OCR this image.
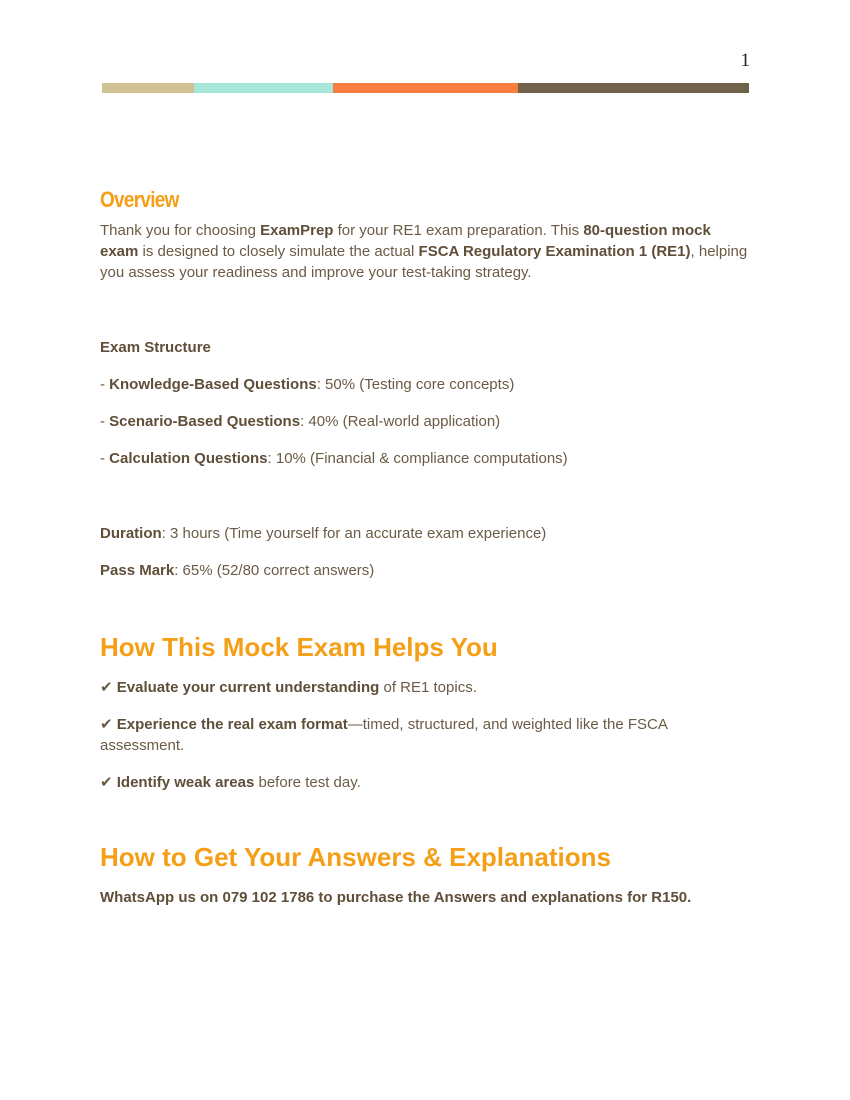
1
Overview

Thank you for choosing ExamPrep for your RE1 exam preparation. This 80-question mock exam is designed to closely simulate the actual FSCA Regulatory Examination 1 (RE1), helping you assess your readiness and improve your test-taking strategy.

Exam Structure

- Knowledge-Based Questions: 50% (Testing core concepts)

- Scenario-Based Questions: 40% (Real-world application)

- Calculation Questions: 10% (Financial & compliance computations)

Duration: 3 hours (Time yourself for an accurate exam experience)

Pass Mark: 65% (52/80 correct answers)

How This Mock Exam Helps You

✔ Evaluate your current understanding of RE1 topics.

✔ Experience the real exam format—timed, structured, and weighted like the FSCA assessment.

✔ Identify weak areas before test day.

How to Get Your Answers & Explanations

WhatsApp us on 079 102 1786 to purchase the Answers and explanations for R150.
